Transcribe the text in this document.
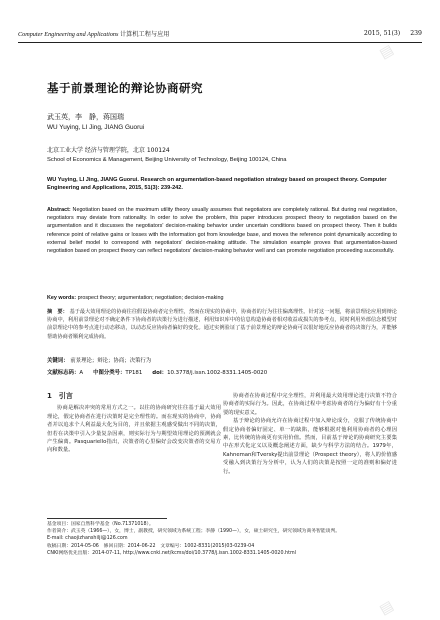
▤
▤
Computer Engineering and Applications 计算机工程与应用	2015, 51(3) 239
基于前景理论的辩论协商研究
武玉英，李　静，蒋国瑞
WU Yuying, LI Jing, JIANG Guorui
北京工业大学 经济与管理学院，北京 100124
School of Economics & Management, Beijing University of Technology, Beijing 100124, China
WU Yuying, LI Jing, JIANG Guorui. Research on argumentation-based negotiation strategy based on prospect theory. Computer Engineering and Applications, 2015, 51(3): 239-242.
Abstract: Negotiation based on the maximum utility theory usually assumes that negotiators are completely rational. But during real negotiation, negotiators may deviate from rationality. In order to solve the problem, this paper introduces prospect theory to negotiation based on the argumentation and it discusses the negotiators' decision-making behavior under uncertain conditions based on prospect theory. Then it builds reference point of relative gains or losses with the information got from knowledge base, and moves the reference point dynamically according to external belief model to correspond with negotiators' decision-making attitude. The simulation example proves that argumentation-based negotiation based on prospect theory can reflect negotiators' decision-making behavior well and can promote negotiation proceeding successfully.
Key words: prospect theory; argumentation; negotiation; decision-making
摘　要： 基于最大效用理论的协商往往假设协商者完全理性，然而在现实的协商中，协商者的行为往往偏离理性。针对这一问题，将前景理论应用到辩论协商中，利用前景理论对不确定条件下协商者的决策行为进行描述，利用知识库中的信息构造协商者相对收益或损失的参考点，同时利用外部信念模型对前景理论中的参考点进行动态移动，以动态反应协商者偏好的变化。通过实例验证了基于前景理论的辩论协商可以很好地反应协商者的决策行为，并能够帮助协商者顺利完成协商。
关键词： 前景理论；辩论；协商；决策行为
文献标志码：A 中图分类号：TP181 doi：10.3778/j.issn.1002-8331.1405-0020
1　引言

协商是解决冲突的常用方式之一。以往的协商研究往往基于最大效用理论，假定协商者在进行决策时是完全理性的。而在现实的协商中，协商者并以追求个人利益最大化为目的，并且依据主观感受做出不同的决策，但若在决策中引入少量复杂因素，则实际行为与期望效用理论的预测就会产生偏离。Pasquariello指出，决策者的心里偏好会改变决策者的交易方向和数量。

协商者在协商过程中完全理性，并利用最大效用理论进行决策不符合协商者的实际行为。因此，在协商过程中考虑协商者的行为偏好有十分重要的现实意义。

基于辩论的协商允许在协商过程中加入辩论成分，克服了传统协商中假定协商者偏好固定、单一的缺陷，能够根据对他利用协商者的心理因素，比传统的协商更有实用价值。然而，目前基于辩论的协商研究主要集中在形式化定义以及概念阐述方面，缺少与科学方法的结合。1979年，Kahneman和Tversky提出前景理论（Prospect theory），将人的价值感受融入到决策行为分析中，认为人们的决策是按照一定的准则和偏好进行。

基金项目：国家自然科学基金（No.71371018）。
作者简介：武玉英（1966—），女，博士，副教授，研究领域为系统工程；李静（1990—），女，硕士研究生，研究领域为商务智能谈判。
E-mail: chaojizhanshilji@126.com
收稿日期：2014-05-06　修回日期：2014-06-22　文章编号：1002-8331(2015)03-0239-04
CNKI网络优先出版：2014-07-11, http://www.cnki.net/kcms/doi/10.3778/j.issn.1002-8331.1405-0020.html
